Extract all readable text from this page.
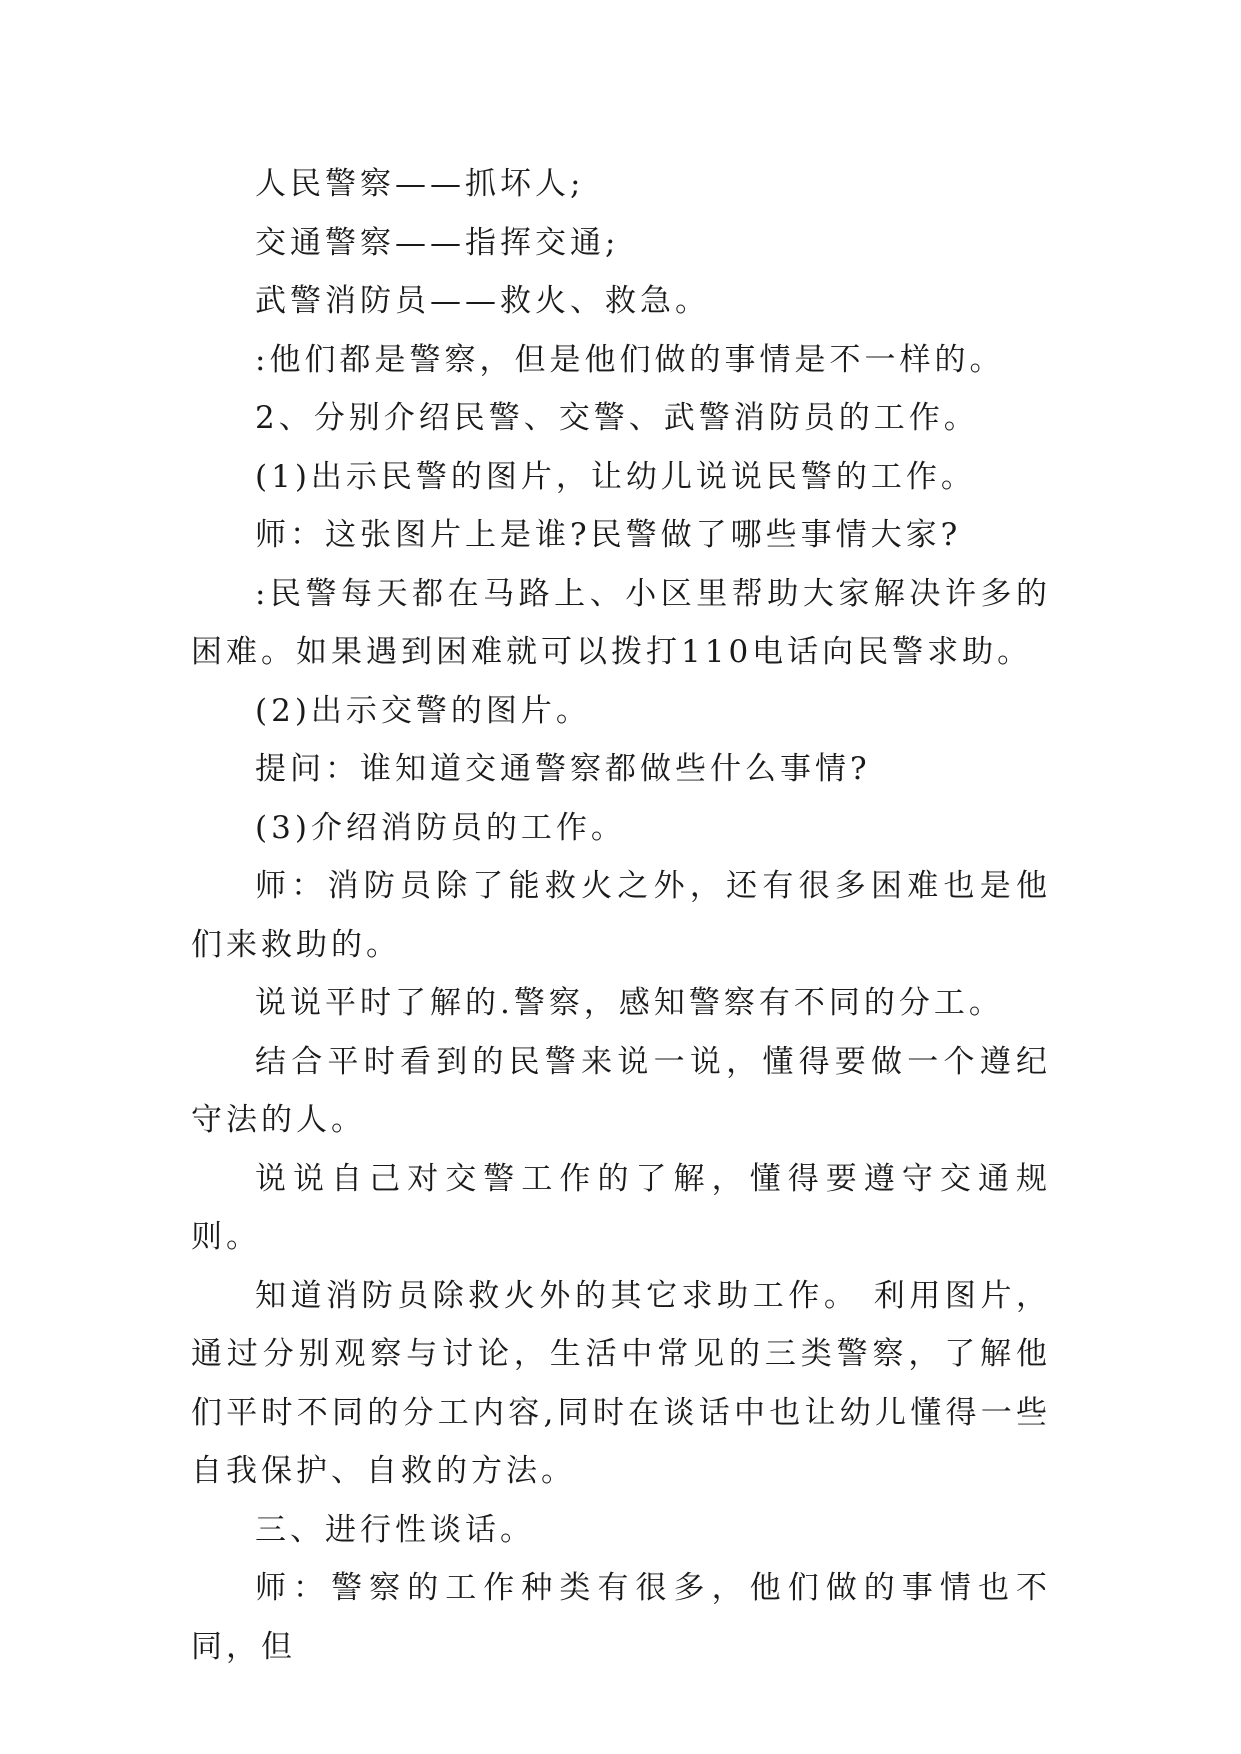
人民警察——抓坏人;

交通警察——指挥交通;

武警消防员——救火、救急。

:他们都是警察，但是他们做的事情是不一样的。

2、分别介绍民警、交警、武警消防员的工作。

(1)出示民警的图片，让幼儿说说民警的工作。

师：这张图片上是谁?民警做了哪些事情大家?

:民警每天都在马路上、小区里帮助大家解决许多的困难。如果遇到困难就可以拨打110电话向民警求助。

(2)出示交警的图片。

提问：谁知道交通警察都做些什么事情?

(3)介绍消防员的工作。

师：消防员除了能救火之外，还有很多困难也是他们来救助的。

说说平时了解的.警察，感知警察有不同的分工。

结合平时看到的民警来说一说，懂得要做一个遵纪守法的人。

说说自己对交警工作的了解，懂得要遵守交通规则。

知道消防员除救火外的其它求助工作。 利用图片，通过分别观察与讨论，生活中常见的三类警察，了解他们平时不同的分工内容,同时在谈话中也让幼儿懂得一些自我保护、自救的方法。

三、进行性谈话。

师：警察的工作种类有很多，他们做的事情也不同，但
